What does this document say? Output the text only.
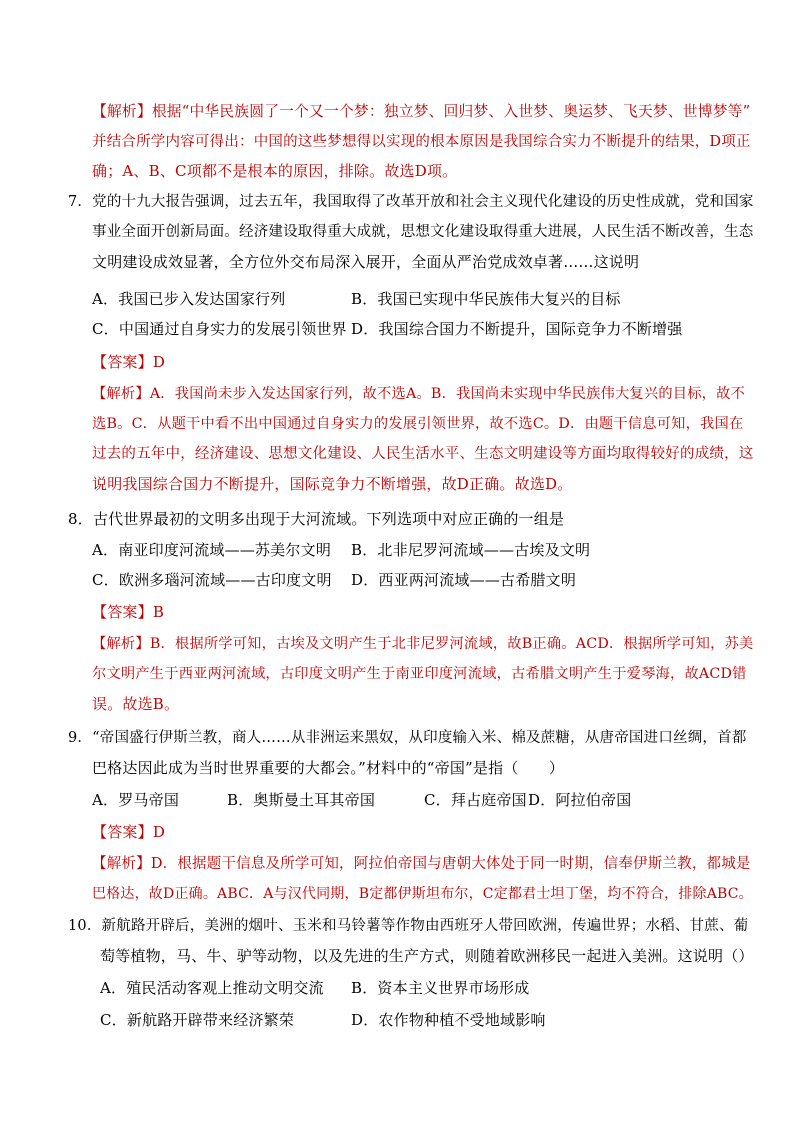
【解析】根据“中华民族圆了一个又一个梦：独立梦、回归梦、入世梦、奥运梦、飞天梦、世博梦等”
并结合所学内容可得出：中国的这些梦想得以实现的根本原因是我国综合实力不断提升的结果，D项正
确；A、B、C项都不是根本的原因，排除。故选D项。
7．党的十九大报告强调，过去五年，我国取得了改革开放和社会主义现代化建设的历史性成就，党和国家
事业全面开创新局面。经济建设取得重大成就，思想文化建设取得重大进展，人民生活不断改善，生态
文明建设成效显著，全方位外交布局深入展开，全面从严治党成效卓著……这说明
A．我国已步入发达国家行列	B．我国已实现中华民族伟大复兴的目标
C．中国通过自身实力的发展引领世界 D．我国综合国力不断提升，国际竞争力不断增强
【答案】D
【解析】A．我国尚未步入发达国家行列，故不选A。B．我国尚未实现中华民族伟大复兴的目标，故不
选B。C．从题干中看不出中国通过自身实力的发展引领世界，故不选C。D．由题干信息可知，我国在
过去的五年中，经济建设、思想文化建设、人民生活水平、生态文明建设等方面均取得较好的成绩，这
说明我国综合国力不断提升，国际竞争力不断增强，故D正确。故选D。
8．古代世界最初的文明多出现于大河流域。下列选项中对应正确的一组是
A．南亚印度河流域——苏美尔文明 B．北非尼罗河流域——古埃及文明
C．欧洲多瑙河流域——古印度文明 D．西亚两河流域——古希腊文明
【答案】B
【解析】B．根据所学可知，古埃及文明产生于北非尼罗河流域，故B正确。ACD．根据所学可知，苏美
尔文明产生于西亚两河流域，古印度文明产生于南亚印度河流域，古希腊文明产生于爱琴海，故ACD错
误。故选B。
9．“帝国盛行伊斯兰教，商人……从非洲运来黑奴，从印度输入米、棉及蔗糖，从唐帝国进口丝绸，首都
巴格达因此成为当时世界重要的大都会。”材料中的“帝国”是指（　　）
A．罗马帝国	B．奥斯曼土耳其帝国	C．拜占庭帝国 D．阿拉伯帝国
【答案】D
【解析】D．根据题干信息及所学可知，阿拉伯帝国与唐朝大体处于同一时期，信奉伊斯兰教，都城是
巴格达，故D正确。ABC．A与汉代同期，B定都伊斯坦布尔，C定都君士坦丁堡，均不符合，排除ABC。
10．新航路开辟后，美洲的烟叶、玉米和马铃薯等作物由西班牙人带回欧洲，传遍世界；水稻、甘蔗、葡
萄等植物，马、牛、驴等动物，以及先进的生产方式，则随着欧洲移民一起进入美洲。这说明（）
A．殖民活动客观上推动文明交流 B．资本主义世界市场形成
C．新航路开辟带来经济繁荣	D．农作物种植不受地域影响
